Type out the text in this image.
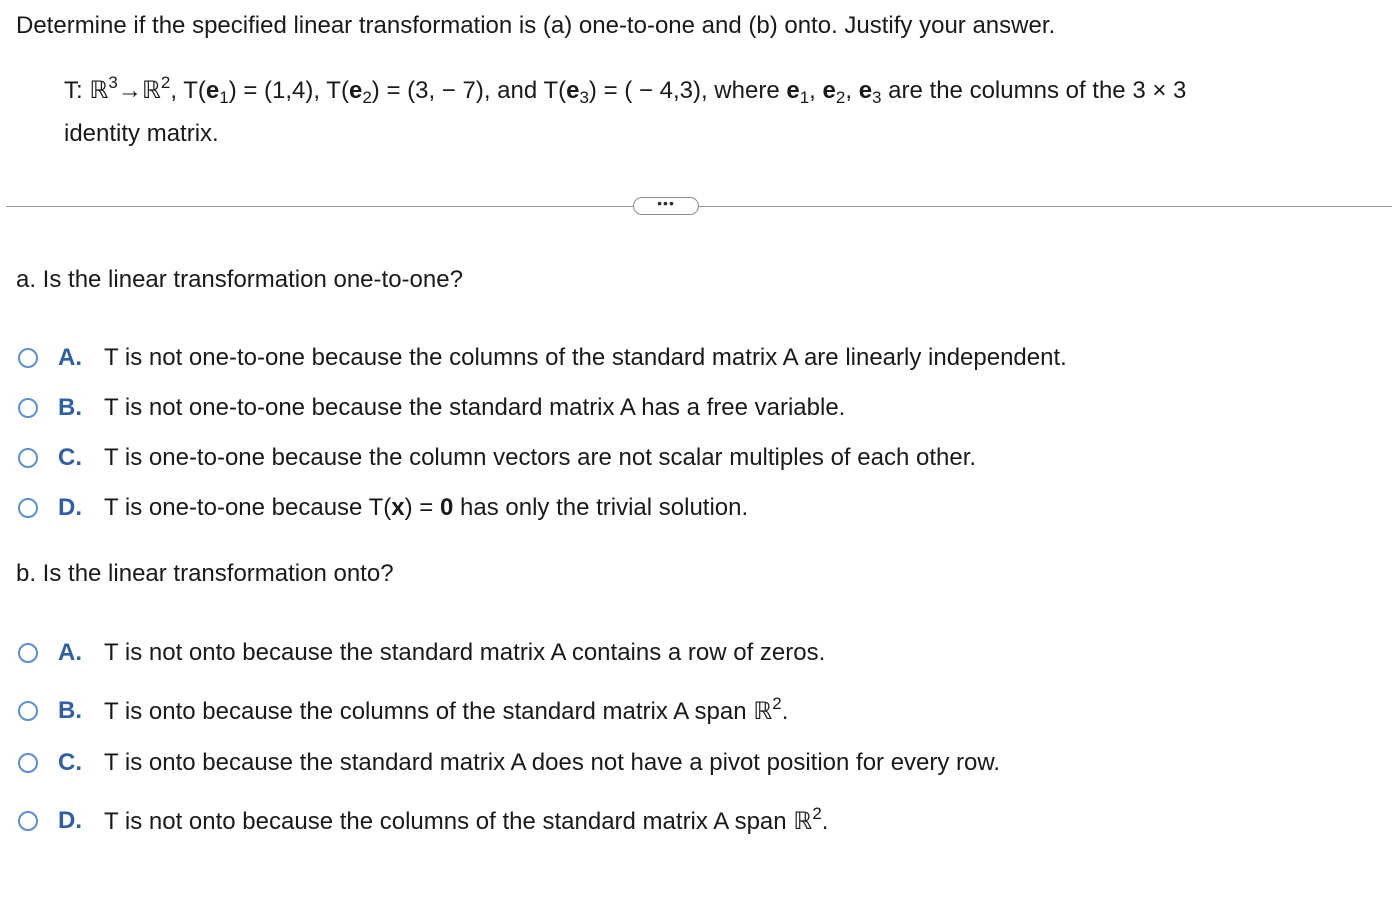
Determine if the specified linear transformation is (a) one-to-one and (b) onto. Justify your answer.
T: ℝ$^3$→ℝ$^2$, $T(e_1) = (1,4)$, $T(e_2) = (3$, − 7), and $T(e_3)$ = ( − 4,3), where $e_1$, $e_2$, $e_3$ are the columns of the 3 × 3
identity matrix.
•••
a. Is the linear transformation one-to-one?
A. T is not one-to-one because the columns of the standard matrix A are linearly independent.
B. T is not one-to-one because the standard matrix A has a free variable.
C. T is one-to-one because the column vectors are not scalar multiples of each other.
D. T is one-to-one because T(x) = 0 has only the trivial solution.
b. Is the linear transformation onto?
A. T is not onto because the standard matrix A contains a row of zeros.
B. T is onto because the columns of the standard matrix A span ℝ$^2$.
C. T is onto because the standard matrix A does not have a pivot position for every row.
D. T is not onto because the columns of the standard matrix A span ℝ$^2$.
